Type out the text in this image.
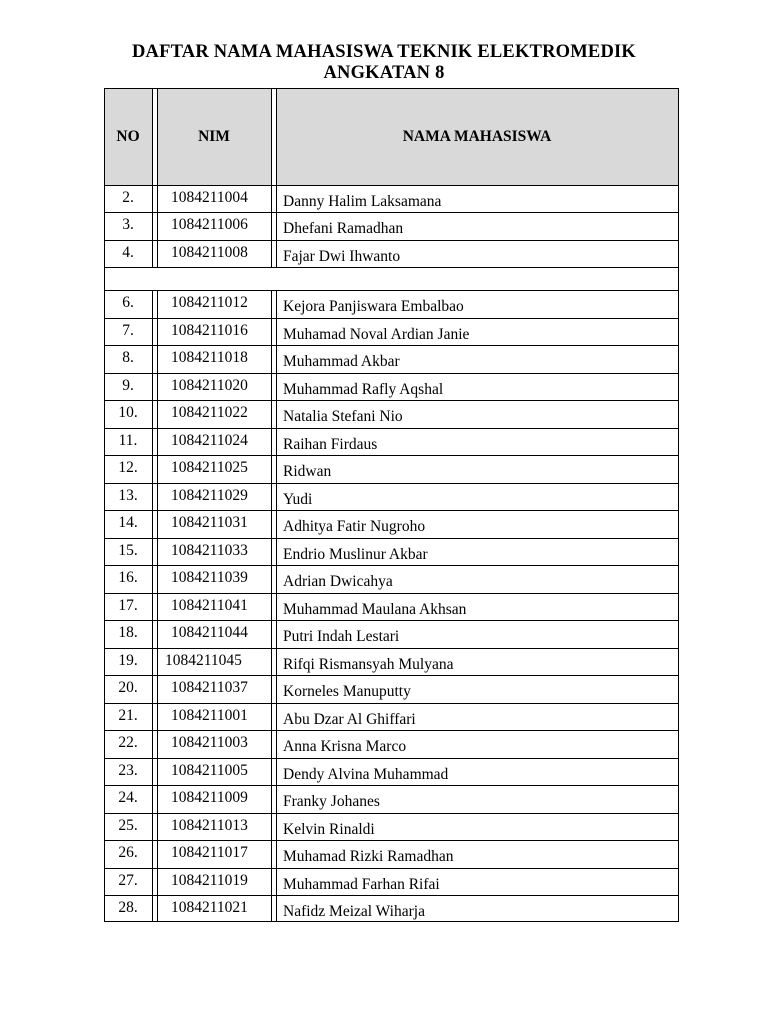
DAFTAR NAMA MAHASISWA TEKNIK ELEKTROMEDIK
ANGKATAN 8
NO	NIM	NAMA MAHASISWA
2.	1084211004	Danny Halim Laksamana
3.	1084211006	Dhefani Ramadhan
4.	1084211008	Fajar Dwi Ihwanto
6.	1084211012	Kejora Panjiswara Embalbao
7.	1084211016	Muhamad Noval Ardian Janie
8.	1084211018	Muhammad Akbar
9.	1084211020	Muhammad Rafly Aqshal
10.	1084211022	Natalia Stefani Nio
11.	1084211024	Raihan Firdaus
12.	1084211025	Ridwan
13.	1084211029	Yudi
14.	1084211031	Adhitya Fatir Nugroho
15.	1084211033	Endrio Muslinur Akbar
16.	1084211039	Adrian Dwicahya
17.	1084211041	Muhammad Maulana Akhsan
18.	1084211044	Putri Indah Lestari
19.	1084211045	Rifqi Rismansyah Mulyana
20.	1084211037	Korneles Manuputty
21.	1084211001	Abu Dzar Al Ghiffari
22.	1084211003	Anna Krisna Marco
23.	1084211005	Dendy Alvina Muhammad
24.	1084211009	Franky Johanes
25.	1084211013	Kelvin Rinaldi
26.	1084211017	Muhamad Rizki Ramadhan
27.	1084211019	Muhammad Farhan Rifai
28.	1084211021	Nafidz Meizal Wiharja
